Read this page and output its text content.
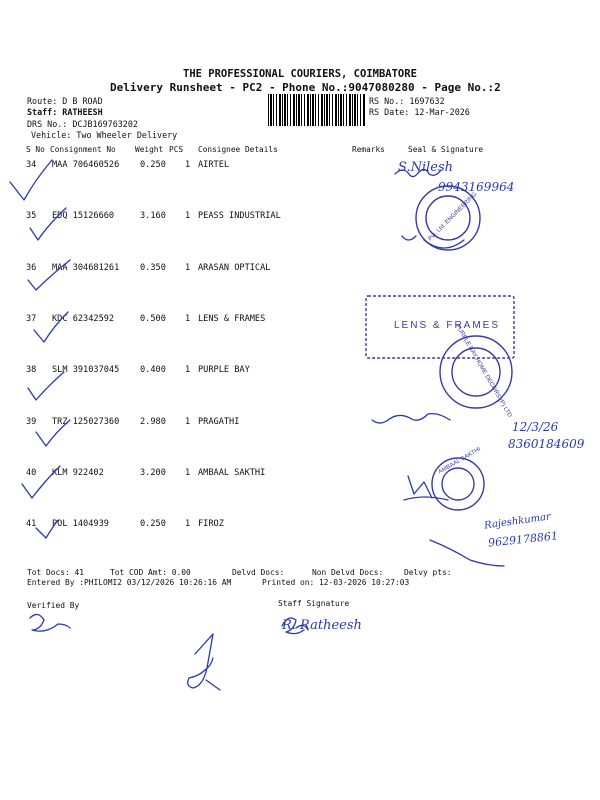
THE PROFESSIONAL COURIERS, COIMBATORE
Delivery Runsheet - PC2 - Phone No.:9047080280 - Page No.:2
Route: D B ROAD
Staff: RATHEESH
DRS No.: DCJB169763202
Vehicle: Two Wheeler Delivery
RS No.: 1697632
RS Date: 12-Mar-2026
S No Consignment No Weight PCS Consignee Details	Remarks	Seal & Signature
34 MAA 706460526 0.250 1 AIRTEL
35 EDQ 15126660	3.160 1 PEASS INDUSTRIAL
36 MAA 304681261 0.350 1 ARASAN OPTICAL
37 KDC 62342592	0.500 1 LENS & FRAMES
38 SLM 391037045 0.400 1 PURPLE BAY
39 TRZ 125027360 2.980 1 PRAGATHI
40 KLM 922402	3.200 1 AMBAAL SAKTHI
41 POL 1404939	0.250 1 FIROZ
S.Nilesh
9943169964
12/3/26
8360184609
Rajeshkumar
9629178861
R. Ratheesh
Pvt. Ltd. ENGINEERING
LENS & FRAMES
PURPLE BAY HOME DECORS (P) LTD
AMBAAL SAKTHI
Tot Docs: 41	Tot COD Amt: 0.00	Delvd Docs:	Non Delvd Docs:	Delvy pts:
Entered By :PHILOMI2 03/12/2026 10:26:16 AM	Printed on: 12-03-2026 10:27:03
Verified By	Staff Signature
